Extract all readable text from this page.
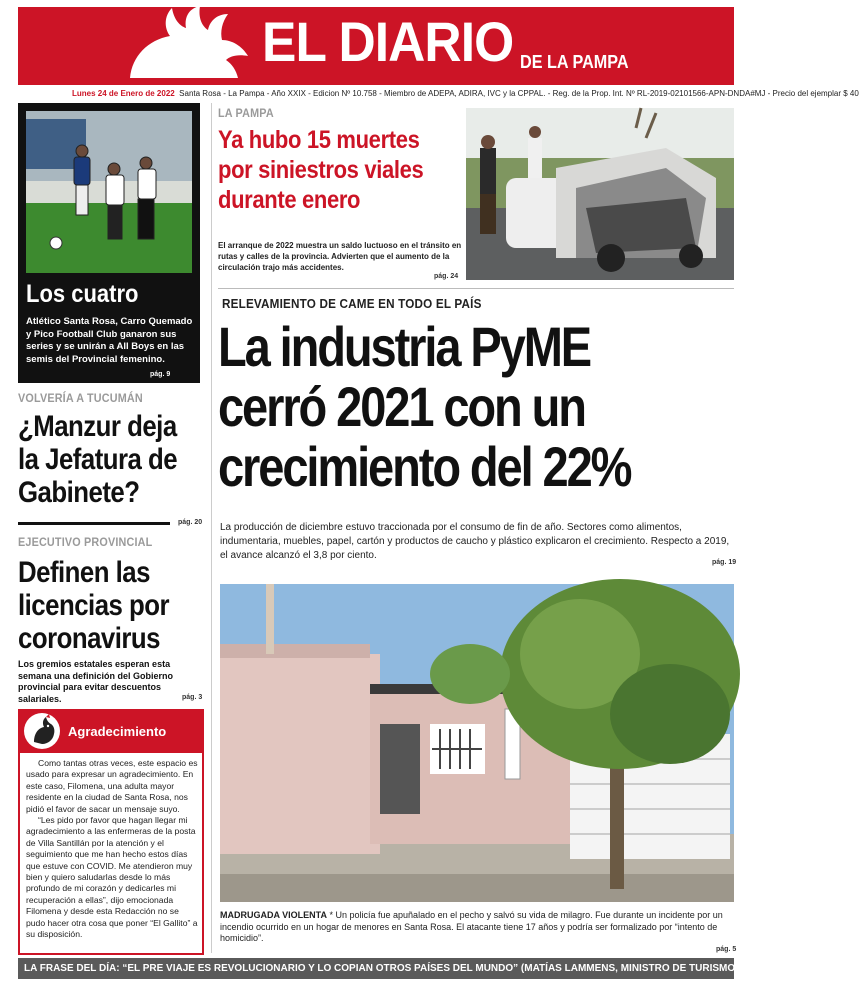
EL DIARIO DE LA PAMPA
Lunes 24 de Enero de 2022 Santa Rosa - La Pampa - Año XXIX - Edicion Nº 10.758 - Miembro de ADEPA, ADIRA, IVC y la CPPAL. - Reg. de la Prop. Int. Nº RL-2019-02101566-APN-DNDA#MJ - Precio del ejemplar $ 40
Los cuatro
Atlético Santa Rosa, Carro Quemado y Pico Football Club ganaron sus series y se unirán a All Boys en las semis del Provincial femenino.
pág. 9
VOLVERÍA A TUCUMÁN
¿Manzur deja la Jefatura de Gabinete?
pág. 20
EJECUTIVO PROVINCIAL
Definen las licencias por coronavirus
Los gremios estatales esperan esta semana una definición del Gobierno provincial para evitar descuentos salariales.	pág. 3
Agradecimiento

Como tantas otras veces, este espacio es usado para expresar un agradecimiento. En este caso, Filomena, una adulta mayor residente en la ciudad de Santa Rosa, nos pidió el favor de sacar un mensaje suyo.

“Les pido por favor que hagan llegar mi agradecimiento a las enfermeras de la posta de Villa Santillán por la atención y el seguimiento que me han hecho estos días que estuve con COVID. Me atendieron muy bien y quiero saludarlas desde lo más profundo de mi corazón y dedicarles mi recuperación a ellas”, dijo emocionada Filomena y desde esta Redacción no se pudo hacer otra cosa que poner “El Gallito” a su disposición.

LA PAMPA
Ya hubo 15 muertes por siniestros viales durante enero
El arranque de 2022 muestra un saldo luctuoso en el tránsito en rutas y calles de la provincia. Advierten que el aumento de la circulación trajo más accidentes.
pág. 24
RELEVAMIENTO DE CAME EN TODO EL PAÍS
La industria PyME
cerró 2021 con un
crecimiento del 22%
La producción de diciembre estuvo traccionada por el consumo de fin de año. Sectores como alimentos, indumentaria, muebles, papel, cartón y productos de caucho y plástico explicaron el crecimiento. Respecto a 2019, el avance alcanzó el 3,8 por ciento.
pág. 19
MADRUGADA VIOLENTA * Un policía fue apuñalado en el pecho y salvó su vida de milagro. Fue durante un incidente por un incendio ocurrido en un hogar de menores en Santa Rosa. El atacante tiene 17 años y podría ser formalizado por “intento de homicidio”.
pág. 5
LA FRASE DEL DÍA: “EL PRE VIAJE ES REVOLUCIONARIO Y LO COPIAN OTROS PAÍSES DEL MUNDO” (MATÍAS LAMMENS, MINISTRO DE TURISMO DE LA NACIÓN). PÁG. 21
